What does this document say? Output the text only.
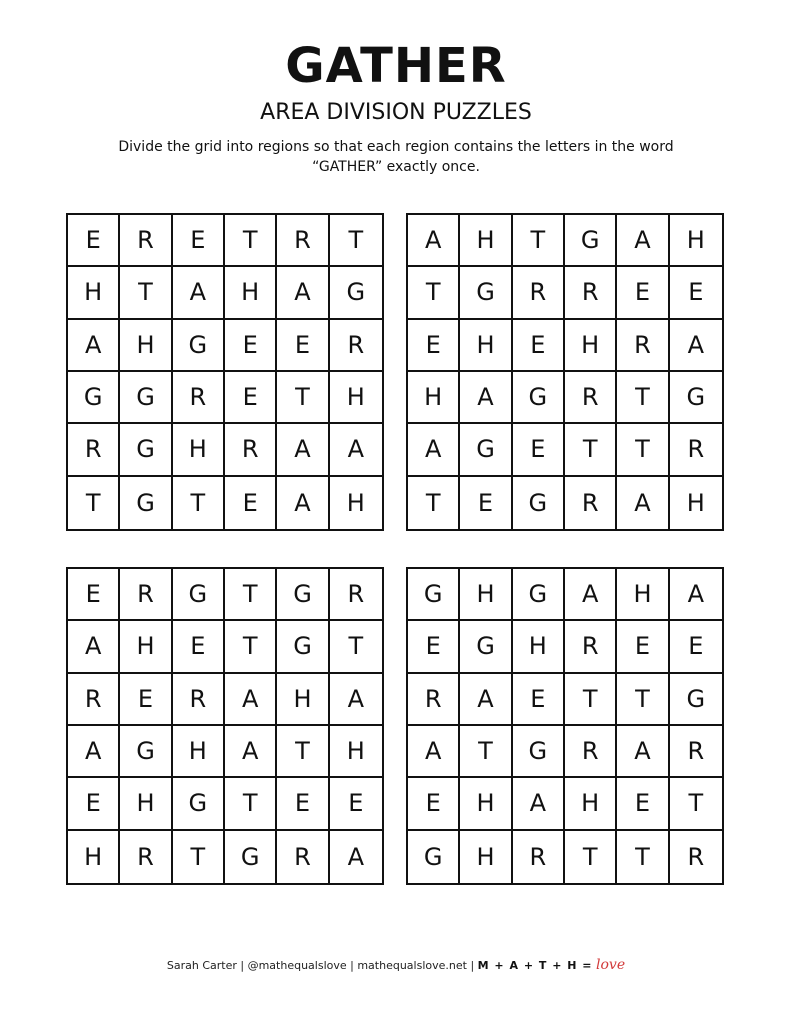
GATHER
AREA DIVISION PUZZLES
Divide the grid into regions so that each region contains the letters in the word “GATHER” exactly once.
E	R	E	T	R	T
H	T	A	H	A	G
A	H	G	E	E	R
G	G	R	E	T	H
R	G	H	R	A	A
T	G	T	E	A	H
A	H	T	G	A	H
T	G	R	R	E	E
E	H	E	H	R	A
H	A	G	R	T	G
A	G	E	T	T	R
T	E	G	R	A	H
E	R	G	T	G	R
A	H	E	T	G	T
R	E	R	A	H	A
A	G	H	A	T	H
E	H	G	T	E	E
H	R	T	G	R	A
G	H	G	A	H	A
E	G	H	R	E	E
R	A	E	T	T	G
A	T	G	R	A	R
E	H	A	H	E	T
G	H	R	T	T	R
Sarah Carter | @mathequalslove | mathequalslove.net | M + A + T + H = love
